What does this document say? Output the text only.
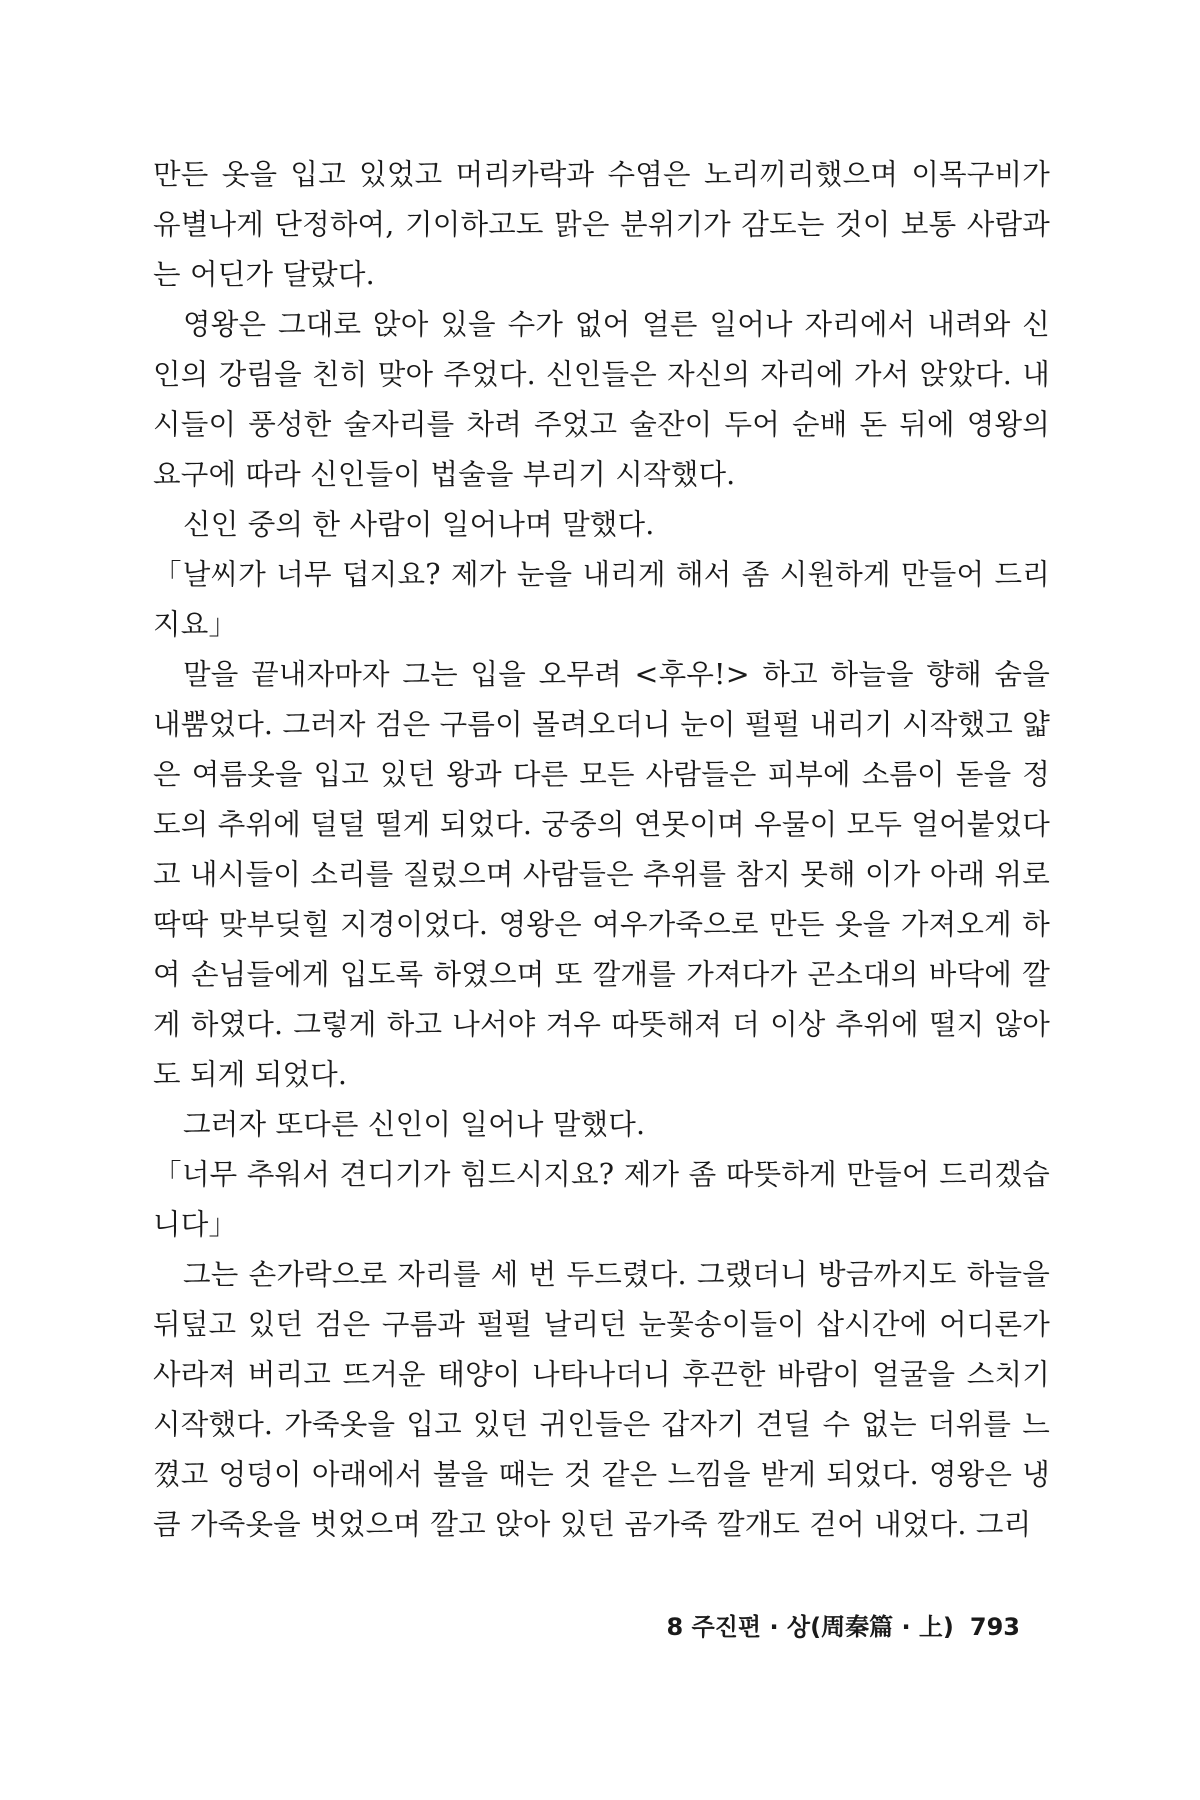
만든 옷을 입고 있었고 머리카락과 수염은 노리끼리했으며 이목구비가 유별나게 단정하여, 기이하고도 맑은 분위기가 감도는 것이 보통 사람과는 어딘가 달랐다.

영왕은 그대로 앉아 있을 수가 없어 얼른 일어나 자리에서 내려와 신인의 강림을 친히 맞아 주었다. 신인들은 자신의 자리에 가서 앉았다. 내시들이 풍성한 술자리를 차려 주었고 술잔이 두어 순배 돈 뒤에 영왕의 요구에 따라 신인들이 법술을 부리기 시작했다.

신인 중의 한 사람이 일어나며 말했다.

「날씨가 너무 덥지요? 제가 눈을 내리게 해서 좀 시원하게 만들어 드리지요」

말을 끝내자마자 그는 입을 오무려 <후우!> 하고 하늘을 향해 숨을 내뿜었다. 그러자 검은 구름이 몰려오더니 눈이 펄펄 내리기 시작했고 얇은 여름옷을 입고 있던 왕과 다른 모든 사람들은 피부에 소름이 돋을 정도의 추위에 덜덜 떨게 되었다. 궁중의 연못이며 우물이 모두 얼어붙었다고 내시들이 소리를 질렀으며 사람들은 추위를 참지 못해 이가 아래 위로 딱딱 맞부딪힐 지경이었다. 영왕은 여우가죽으로 만든 옷을 가져오게 하여 손님들에게 입도록 하였으며 또 깔개를 가져다가 곤소대의 바닥에 깔게 하였다. 그렇게 하고 나서야 겨우 따뜻해져 더 이상 추위에 떨지 않아도 되게 되었다.

그러자 또다른 신인이 일어나 말했다.

「너무 추워서 견디기가 힘드시지요? 제가 좀 따뜻하게 만들어 드리겠습니다」

그는 손가락으로 자리를 세 번 두드렸다. 그랬더니 방금까지도 하늘을 뒤덮고 있던 검은 구름과 펄펄 날리던 눈꽃송이들이 삽시간에 어디론가 사라져 버리고 뜨거운 태양이 나타나더니 후끈한 바람이 얼굴을 스치기 시작했다. 가죽옷을 입고 있던 귀인들은 갑자기 견딜 수 없는 더위를 느꼈고 엉덩이 아래에서 불을 때는 것 같은 느낌을 받게 되었다. 영왕은 냉큼 가죽옷을 벗었으며 깔고 앉아 있던 곰가죽 깔개도 걷어 내었다. 그리

8 주진편 · 상(周秦篇 · 上) 793
